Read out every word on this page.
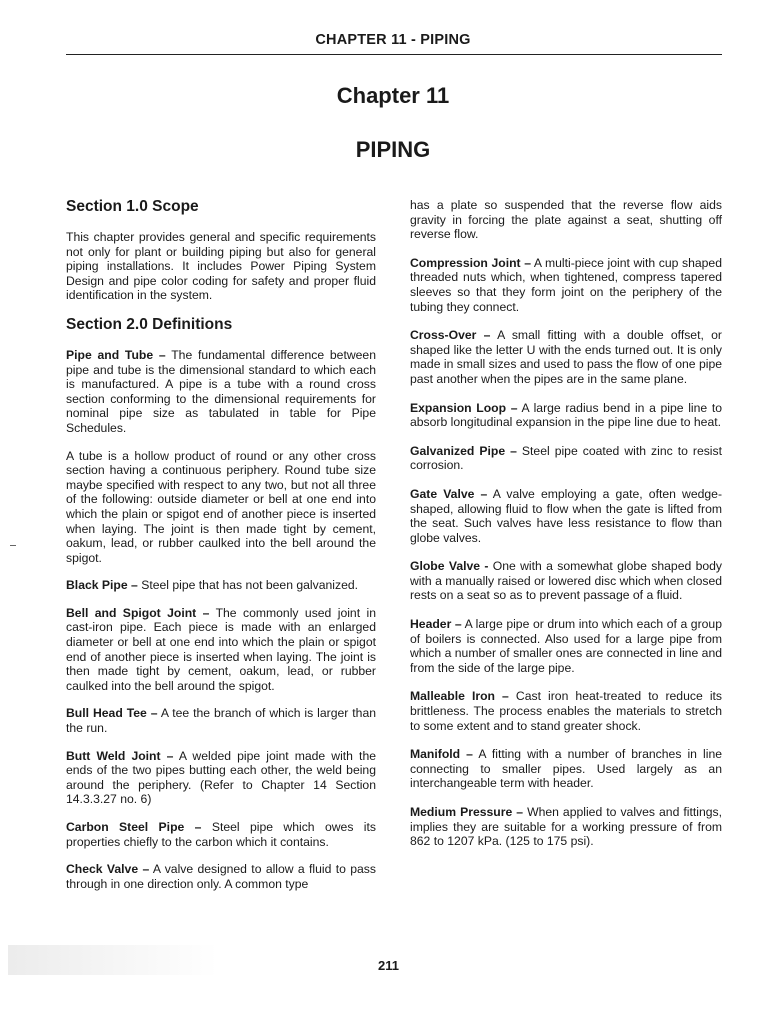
CHAPTER 11 - PIPING
Chapter 11
PIPING
Section 1.0 Scope

This chapter provides general and specific requirements not only for plant or building piping but also for general piping installations. It includes Power Piping System Design and pipe color coding for safety and proper fluid identification in the system.

Section 2.0 Definitions

Pipe and Tube – The fundamental difference between pipe and tube is the dimensional standard to which each is manufactured. A pipe is a tube with a round cross section conforming to the dimensional requirements for nominal pipe size as tabulated in table for Pipe Schedules.

A tube is a hollow product of round or any other cross section having a continuous periphery. Round tube size maybe specified with respect to any two, but not all three of the following: outside diameter or bell at one end into which the plain or spigot end of another piece is inserted when laying. The joint is then made tight by cement, oakum, lead, or rubber caulked into the bell around the spigot.

Black Pipe – Steel pipe that has not been galvanized.

Bell and Spigot Joint – The commonly used joint in cast-iron pipe. Each piece is made with an enlarged diameter or bell at one end into which the plain or spigot end of another piece is inserted when laying. The joint is then made tight by cement, oakum, lead, or rubber caulked into the bell around the spigot.

Bull Head Tee – A tee the branch of which is larger than the run.

Butt Weld Joint – A welded pipe joint made with the ends of the two pipes butting each other, the weld being around the periphery. (Refer to Chapter 14 Section 14.3.3.27 no. 6)

Carbon Steel Pipe – Steel pipe which owes its properties chiefly to the carbon which it contains.

Check Valve – A valve designed to allow a fluid to pass through in one direction only. A common type

has a plate so suspended that the reverse flow aids gravity in forcing the plate against a seat, shutting off reverse flow.

Compression Joint – A multi-piece joint with cup shaped threaded nuts which, when tightened, compress tapered sleeves so that they form joint on the periphery of the tubing they connect.

Cross-Over – A small fitting with a double offset, or shaped like the letter U with the ends turned out. It is only made in small sizes and used to pass the flow of one pipe past another when the pipes are in the same plane.

Expansion Loop – A large radius bend in a pipe line to absorb longitudinal expansion in the pipe line due to heat.

Galvanized Pipe – Steel pipe coated with zinc to resist corrosion.

Gate Valve – A valve employing a gate, often wedge-shaped, allowing fluid to flow when the gate is lifted from the seat. Such valves have less resistance to flow than globe valves.

Globe Valve - One with a somewhat globe shaped body with a manually raised or lowered disc which when closed rests on a seat so as to prevent passage of a fluid.

Header – A large pipe or drum into which each of a group of boilers is connected. Also used for a large pipe from which a number of smaller ones are connected in line and from the side of the large pipe.

Malleable Iron – Cast iron heat-treated to reduce its brittleness. The process enables the materials to stretch to some extent and to stand greater shock.

Manifold – A fitting with a number of branches in line connecting to smaller pipes. Used largely as an interchangeable term with header.

Medium Pressure – When applied to valves and fittings, implies they are suitable for a working pressure of from 862 to 1207 kPa. (125 to 175 psi).

211
